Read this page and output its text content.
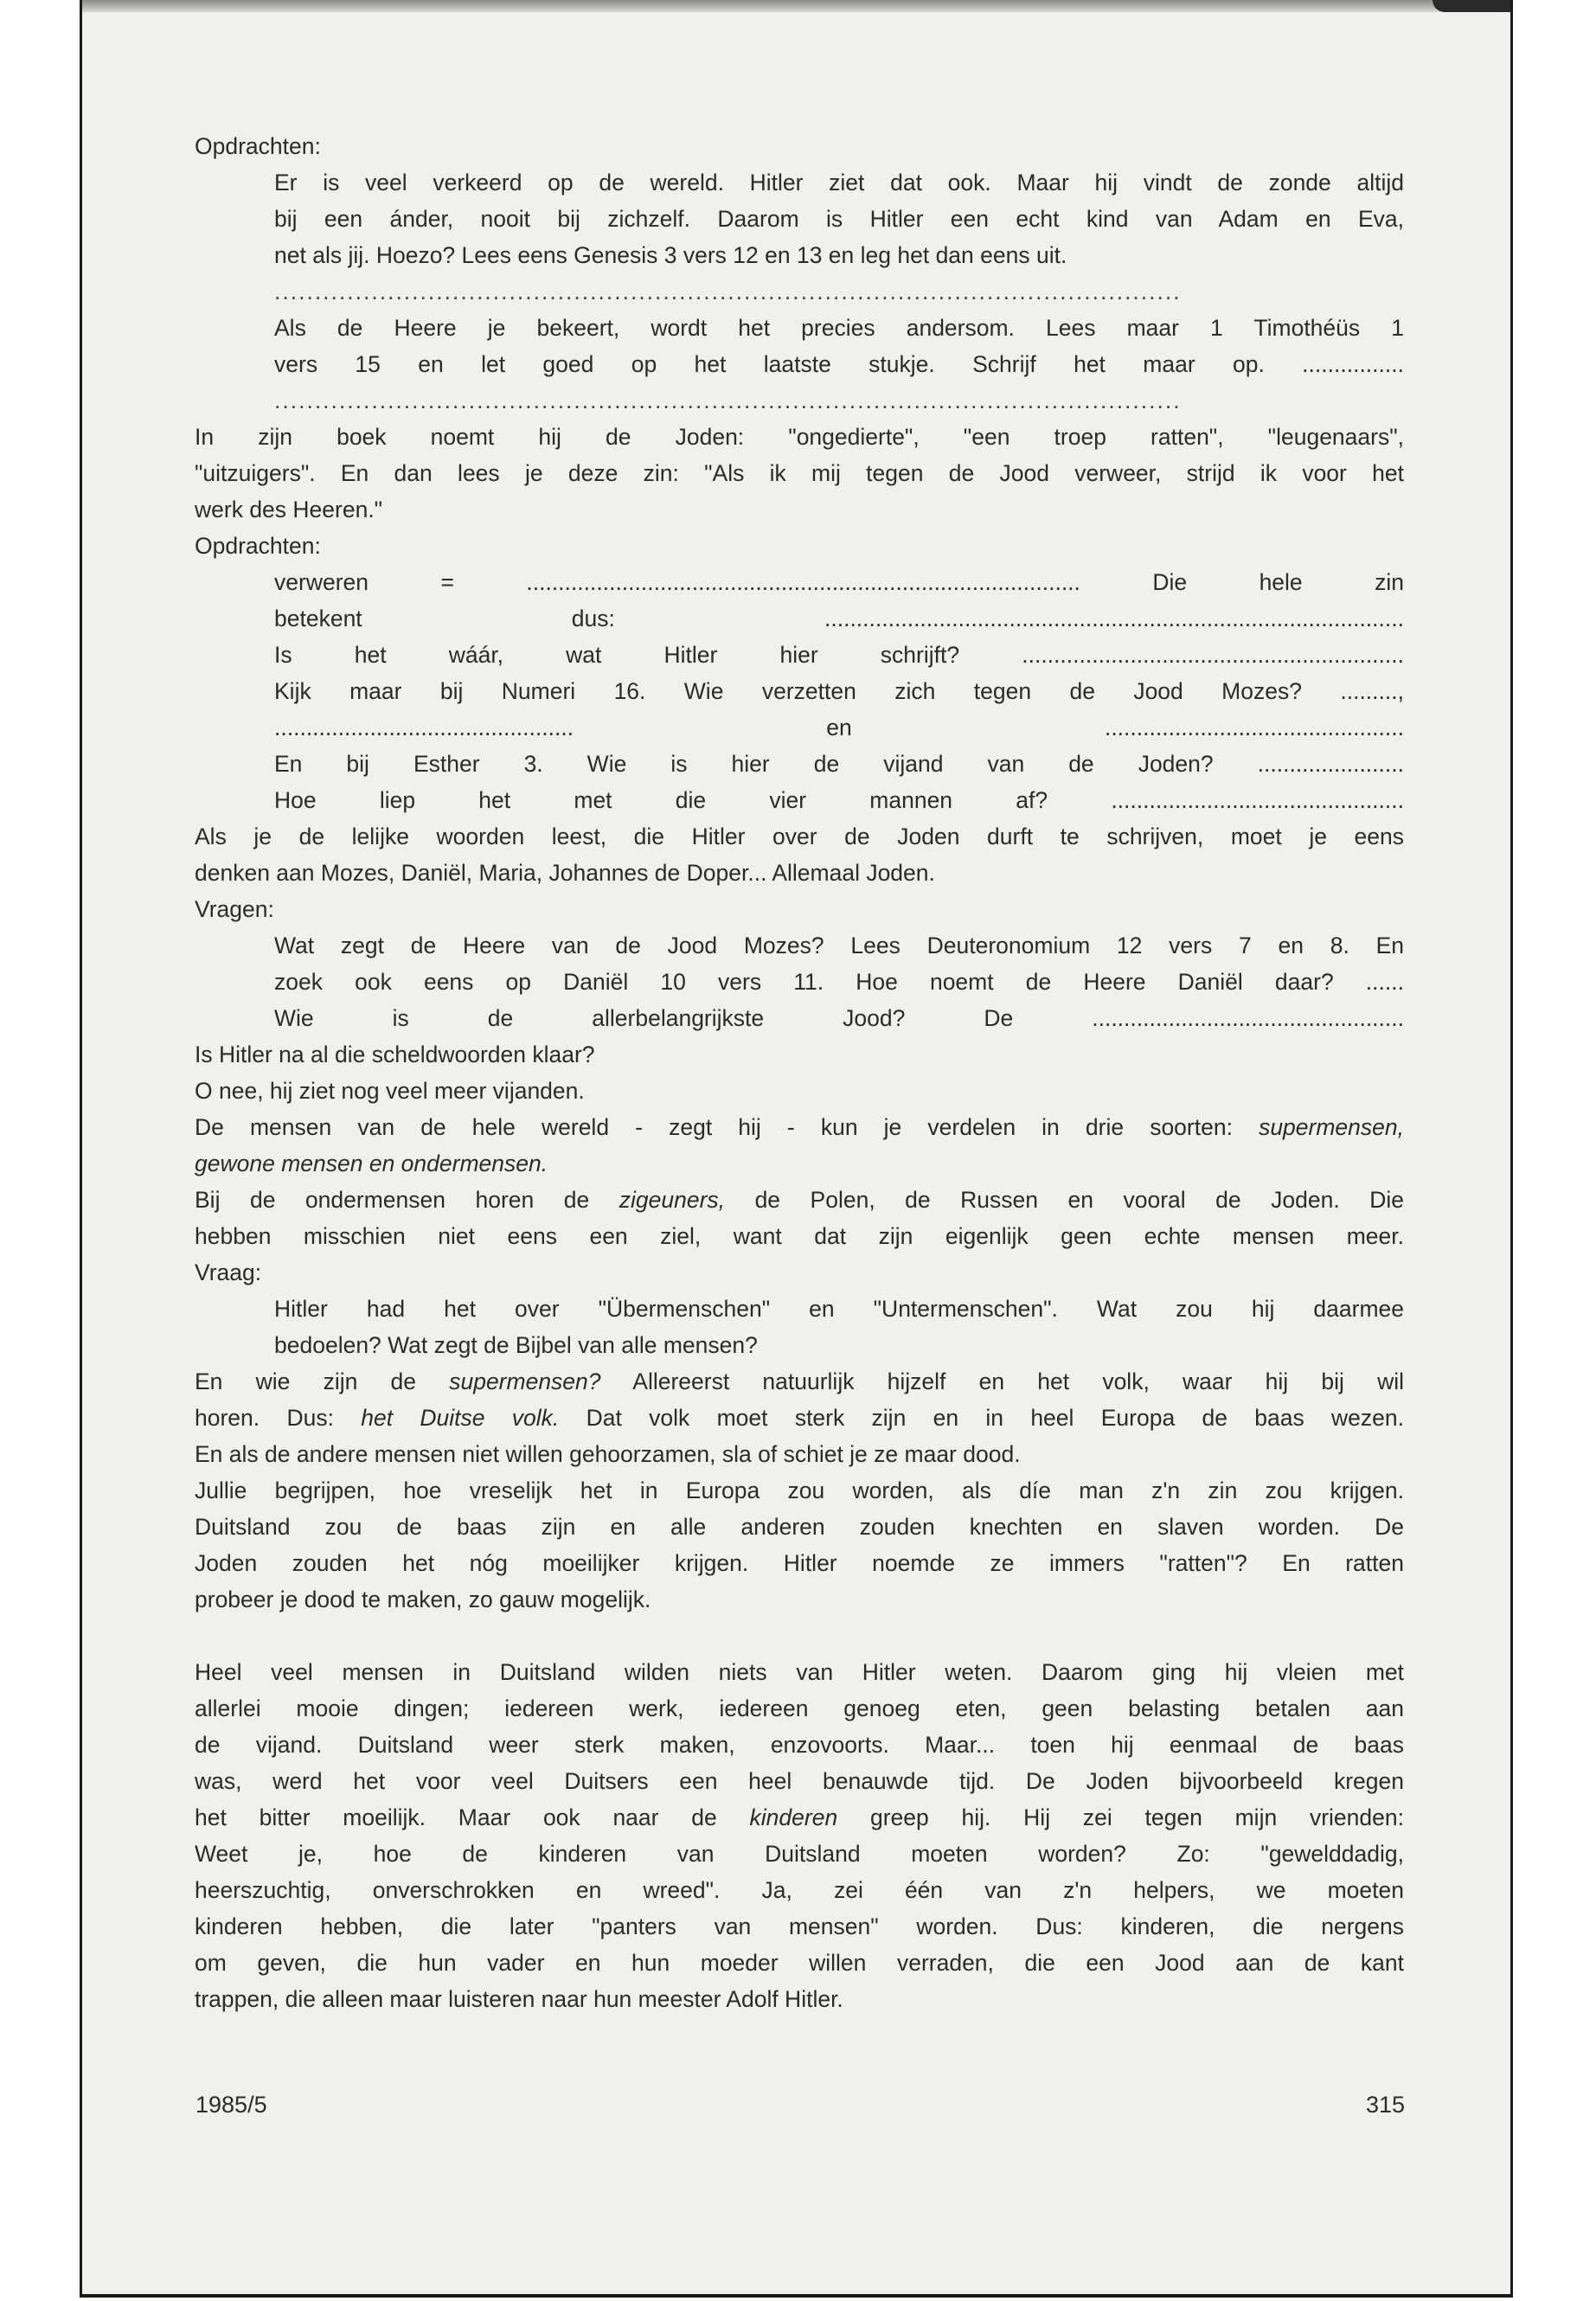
Opdrachten:
Er is veel verkeerd op de wereld. Hitler ziet dat ook. Maar hij vindt de zonde altijd
bij een ánder, nooit bij zichzelf. Daarom is Hitler een echt kind van Adam en Eva,
net als jij. Hoezo? Lees eens Genesis 3 vers 12 en 13 en leg het dan eens uit.
................................................................................................................
Als de Heere je bekeert, wordt het precies andersom. Lees maar 1 Timothéüs 1
vers 15 en let goed op het laatste stukje. Schrijf het maar op. ................
................................................................................................................
In zijn boek noemt hij de Joden: "ongedierte", "een troep ratten", "leugenaars",
"uitzuigers". En dan lees je deze zin: "Als ik mij tegen de Jood verweer, strijd ik voor het
werk des Heeren."
Opdrachten:
verweren = ....................................................................................... Die hele zin
betekent dus: ...........................................................................................
Is het wáár, wat Hitler hier schrijft? ............................................................
Kijk maar bij Numeri 16. Wie verzetten zich tegen de Jood Mozes? .........,
............................................... en ...............................................
En bij Esther 3. Wie is hier de vijand van de Joden? .......................
Hoe liep het met die vier mannen af? ..............................................
Als je de lelijke woorden leest, die Hitler over de Joden durft te schrijven, moet je eens
denken aan Mozes, Daniël, Maria, Johannes de Doper... Allemaal Joden.
Vragen:
Wat zegt de Heere van de Jood Mozes? Lees Deuteronomium 12 vers 7 en 8. En
zoek ook eens op Daniël 10 vers 11. Hoe noemt de Heere Daniël daar? ......
Wie is de allerbelangrijkste Jood? De .................................................
Is Hitler na al die scheldwoorden klaar?
O nee, hij ziet nog veel meer vijanden.
De mensen van de hele wereld - zegt hij - kun je verdelen in drie soorten: supermensen,
gewone mensen en ondermensen.
Bij de ondermensen horen de zigeuners, de Polen, de Russen en vooral de Joden. Die
hebben misschien niet eens een ziel, want dat zijn eigenlijk geen echte mensen meer.
Vraag:
Hitler had het over "Übermenschen" en "Untermenschen". Wat zou hij daarmee
bedoelen? Wat zegt de Bijbel van alle mensen?
En wie zijn de supermensen? Allereerst natuurlijk hijzelf en het volk, waar hij bij wil
horen. Dus: het Duitse volk. Dat volk moet sterk zijn en in heel Europa de baas wezen.
En als de andere mensen niet willen gehoorzamen, sla of schiet je ze maar dood.
Jullie begrijpen, hoe vreselijk het in Europa zou worden, als díe man z'n zin zou krijgen.
Duitsland zou de baas zijn en alle anderen zouden knechten en slaven worden. De
Joden zouden het nóg moeilijker krijgen. Hitler noemde ze immers "ratten"? En ratten
probeer je dood te maken, zo gauw mogelijk.
Heel veel mensen in Duitsland wilden niets van Hitler weten. Daarom ging hij vleien met
allerlei mooie dingen; iedereen werk, iedereen genoeg eten, geen belasting betalen aan
de vijand. Duitsland weer sterk maken, enzovoorts. Maar... toen hij eenmaal de baas
was, werd het voor veel Duitsers een heel benauwde tijd. De Joden bijvoorbeeld kregen
het bitter moeilijk. Maar ook naar de kinderen greep hij. Hij zei tegen mijn vrienden:
Weet je, hoe de kinderen van Duitsland moeten worden? Zo: "gewelddadig,
heerszuchtig, onverschrokken en wreed". Ja, zei één van z'n helpers, we moeten
kinderen hebben, die later "panters van mensen" worden. Dus: kinderen, die nergens
om geven, die hun vader en hun moeder willen verraden, die een Jood aan de kant
trappen, die alleen maar luisteren naar hun meester Adolf Hitler.
1985/5	315
